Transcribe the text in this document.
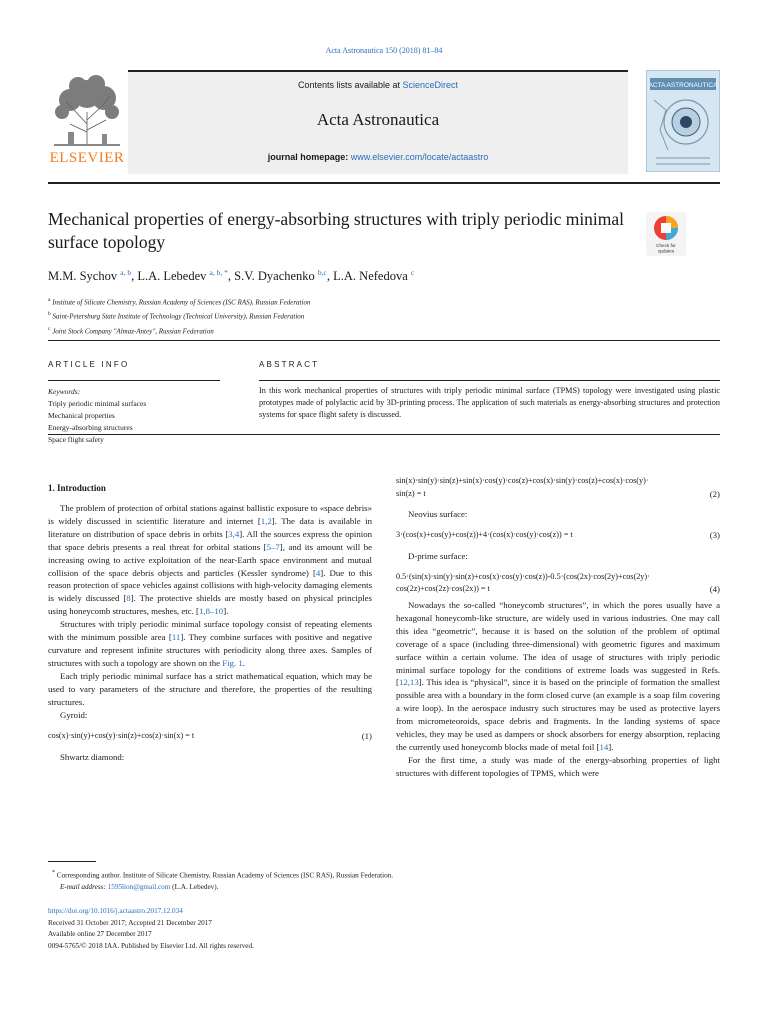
Acta Astronautica 150 (2018) 81–84
ELSEVIER
Contents lists available at ScienceDirect
Acta Astronautica
journal homepage: www.elsevier.com/locate/actaastro
ACTA ASTRONAUTICA
Mechanical properties of energy-absorbing structures with triply periodic minimal surface topology	Check for
updates
M.M. Sychov $^{a, b}$, L.A. Lebedev $^{a, b, *}$, S.V. Dyachenko $^{b,c}$, L.A. Nefedova $^c$
$^a$ Institute of Silicate Chemistry, Russian Academy of Sciences (ISC RAS), Russian Federation
$^b$ Saint-Petersburg State Institute of Technology (Technical University), Russian Federation
$^c$ Joint Stock Company ''Almaz-Antey'', Russian Federation
ARTICLE INFO	ABSTRACT
Keywords:
Triply periodic minimal surfaces
Mechanical properties
Energy-absorbing structures
Space flight safety
In this work mechanical properties of structures with triply periodic minimal surface (TPMS) topology were investigated using plastic prototypes made of polylactic acid by 3D-printing process. The application of such materials as energy-absorbing structures and protection systems for space flight safety is discussed.
1. Introduction

The problem of protection of orbital stations against ballistic exposure to «space debris» is widely discussed in scientific literature and internet [1,2]. The data is available in literature on distribution of space debris in orbits [3,4]. All the sources express the opinion that space debris presents a real threat for orbital stations [5–7], and its amount will be increasing owing to active exploitation of the near-Earth space environment and mutual collision of the space debris objects and particles (Kessler syndrome) [4]. Due to this reason protection of space vehicles against collisions with high-velocity damaging elements is widely discussed [8]. The protective shields are mostly based on physical principles using honeycomb structures, meshes, etc. [1,8–10].

Structures with triply periodic minimal surface topology consist of repeating elements with the minimum possible area [11]. They combine surfaces with positive and negative curvature and represent infinite structures with periodicity along three axes. Samples of structures with such a topology are shown on the Fig. 1.

Each triply periodic minimal surface has a strict mathematical equation, which may be used to vary parameters of the structure and therefore, the properties of the resulting structures.

Gyroid:

cos(x)·sin(y)+cos(y)·sin(z)+cos(z)·sin(x) = t	(1)

Shwartz diamond:

sin(x)·sin(y)·sin(z)+sin(x)·cos(y)·cos(z)+cos(x)·sin(y)·cos(z)+cos(x)·cos(y)·
sin(z) = t	(2)

Neovius surface:

3·(cos(x)+cos(y)+cos(z))+4·(cos(x)·cos(y)·cos(z)) = t	(3)

D-prime surface:

0.5·(sin(x)·sin(y)·sin(z)+cos(x)·cos(y)·cos(z))-0.5·(cos(2x)·cos(2y)+cos(2y)·
cos(2z)+cos(2z)·cos(2x)) = t	(4)

Nowadays the so-called “honeycomb structures”, in which the pores usually have a hexagonal honeycomb-like structure, are widely used in various industries. One may call this idea “geometric”, because it is based on the solution of the problem of optimal coverage of a space (including three-dimensional) with geometric figures and maximum surface within a certain volume. The idea of usage of structures with triply periodic minimal surface topology for the conditions of extreme loads was suggested in Refs. [12,13]. This idea is “physical”, since it is based on the principle of formation the smallest possible area with a boundary in the form closed curve (an example is a soap film covering a wire loop). In the aerospace industry such structures may be used as protective layers from micrometeoroids, space debris and fragments. In the landing systems of space vehicles, they may be used as dampers or shock absorbers for energy absorption, replacing the currently used honeycomb blocks made of metal foil [14].

For the first time, a study was made of the energy-absorbing properties of light structures with different topologies of TPMS, which were

* Corresponding author. Institute of Silicate Chemistry, Russian Academy of Sciences (ISC RAS), Russian Federation.
E-mail address: 1595lion@gmail.com (L.A. Lebedev).
https://doi.org/10.1016/j.actaastro.2017.12.034
Received 31 October 2017; Accepted 21 December 2017
Available online 27 December 2017
0094-5765/© 2018 IAA. Published by Elsevier Ltd. All rights reserved.
